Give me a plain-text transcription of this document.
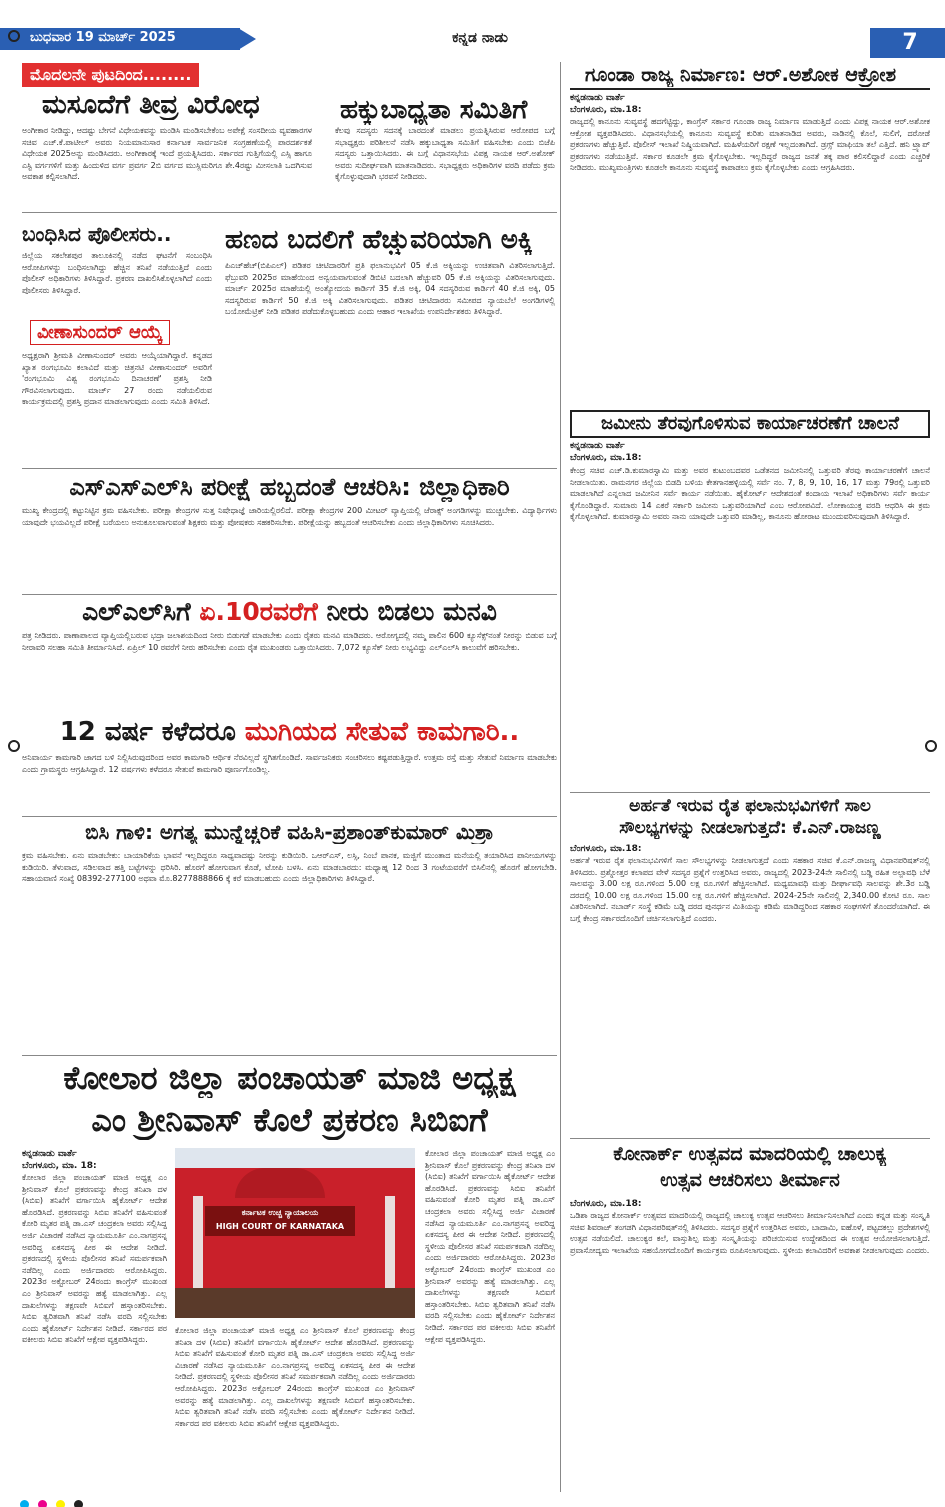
ಬುಧವಾರ 19 ಮಾರ್ಚ್ 2025	ಕನ್ನಡ ನಾಡು	7
ಮೊದಲನೇ ಪುಟದಿಂದ........
ಮಸೂದೆಗೆ ತೀವ್ರ ವಿರೋಧ
ಅಂಗೀಕಾರ ನೀಡಿದ್ದು, ಆದಷ್ಟು ಬೇಗನೆ ವಿಧೇಯಕವನ್ನು ಮಂಡಿಸಿ ಮಂಡಿಸಬೇಕೆಂಬ ಅಪೇಕ್ಷೆ ಸಂಸದೀಯ ವ್ಯವಹಾರಗಳ ಸಚಿವ ಎಚ್.ಕೆ.ಪಾಟೀಲ್ ಅವರು ನಿಯಮಾನುಸಾರ ಕರ್ನಾಟಕ ಸಾರ್ವಜನಿಕ ಸಂಗ್ರಹಣೆಯಲ್ಲಿ ಪಾರದರ್ಶಕತೆ ವಿಧೇಯಕ 2025ಅನ್ನು ಮಂಡಿಸಿದರು. ಅಂಗೀಕಾರಕ್ಕೆ ಇಂದೆ ಪ್ರಯತ್ನಿಸಿದರು. ಸರ್ಕಾರದ ಗುತ್ತಿಗೆಯಲ್ಲಿ ಎಸ್ಸಿ ಹಾಗೂ ಎಸ್ಟಿ ವರ್ಗಗಳಿಗೆ ಮತ್ತು ಹಿಂದುಳಿದ ವರ್ಗ ಪ್ರವರ್ಗ 2ಬಿ ವರ್ಗದ ಮುಸ್ಲಿಮರಿಗೂ ಶೇ.4ರಷ್ಟು ಮೀಸಲಾತಿ ಒದಗಿಸುವ ಅವಕಾಶ ಕಲ್ಪಿಸಲಾಗಿದೆ.
ಹಕ್ಕುಬಾಧ್ಯತಾ ಸಮಿತಿಗೆ
ಕೆಲವು ಸದಸ್ಯರು ಸದನಕ್ಕೆ ಬಾರದಂತೆ ಮಾಡಲು ಪ್ರಯತ್ನಿಸಿರುವ ಆರೋಪದ ಬಗ್ಗೆ ಸಭಾಧ್ಯಕ್ಷರು ಪರಿಶೀಲನೆ ನಡೆಸಿ ಹಕ್ಕುಬಾಧ್ಯತಾ ಸಮಿತಿಗೆ ವಹಿಸಬೇಕು ಎಂದು ಬಿಜೆಪಿ ಸದಸ್ಯರು ಒತ್ತಾಯಿಸಿದರು. ಈ ಬಗ್ಗೆ ವಿಧಾನಸಭೆಯ ವಿಪಕ್ಷ ನಾಯಕ ಆರ್.ಅಶೋಕ್ ಅವರು ಸುದೀರ್ಘವಾಗಿ ಮಾತನಾಡಿದರು. ಸಭಾಧ್ಯಕ್ಷರು ಅಧಿಕಾರಿಗಳ ವರದಿ ಪಡೆದು ಕ್ರಮ ಕೈಗೊಳ್ಳುವುದಾಗಿ ಭರವಸೆ ನೀಡಿದರು.
ಬಂಧಿಸಿದ ಪೊಲೀಸರು..
ಜಿಲ್ಲೆಯ ಸಕಲೇಶಪುರ ತಾಲೂಕಿನಲ್ಲಿ ನಡೆದ ಘಟನೆಗೆ ಸಂಬಂಧಿಸಿ ಆರೋಪಿಗಳನ್ನು ಬಂಧಿಸಲಾಗಿದ್ದು ಹೆಚ್ಚಿನ ತನಿಖೆ ನಡೆಯುತ್ತಿದೆ ಎಂದು ಪೊಲೀಸ್ ಅಧಿಕಾರಿಗಳು ತಿಳಿಸಿದ್ದಾರೆ. ಪ್ರಕರಣ ದಾಖಲಿಸಿಕೊಳ್ಳಲಾಗಿದೆ ಎಂದು ಪೊಲೀಸರು ತಿಳಿಸಿದ್ದಾರೆ.
ವೀಣಾಸುಂದರ್ ಆಯ್ಕೆ
ಅಧ್ಯಕ್ಷರಾಗಿ ಶ್ರೀಮತಿ ವೀಣಾಸುಂದರ್ ಅವರು ಆಯ್ಕೆಯಾಗಿದ್ದಾರೆ. ಕನ್ನಡದ ಖ್ಯಾತ ರಂಗಭೂಮಿ ಕಲಾವಿದೆ ಮತ್ತು ಚಿತ್ರನಟಿ ವೀಣಾಸುಂದರ್ ಅವರಿಗೆ 'ರಂಗಭೂಮಿ ವಿಶ್ವ ರಂಗಭೂಮಿ ದಿನಾಚರಣೆ' ಪ್ರಶಸ್ತಿ ನೀಡಿ ಗೌರವಿಸಲಾಗುವುದು. ಮಾರ್ಚ್ 27 ರಂದು ನಡೆಯಲಿರುವ ಕಾರ್ಯಕ್ರಮದಲ್ಲಿ ಪ್ರಶಸ್ತಿ ಪ್ರದಾನ ಮಾಡಲಾಗುವುದು ಎಂದು ಸಮಿತಿ ತಿಳಿಸಿದೆ.
ಹಣದ ಬದಲಿಗೆ ಹೆಚ್ಚುವರಿಯಾಗಿ ಅಕ್ಕಿ
ಪಿಎಚ್‌ಹೆಚ್(ಬಿಪಿಎಲ್) ಪಡಿತರ ಚೀಟಿದಾರರಿಗೆ ಪ್ರತಿ ಫಲಾನುಭವಿಗೆ 05 ಕೆ.ಜಿ ಅಕ್ಕಿಯನ್ನು ಉಚಿತವಾಗಿ ವಿತರಿಸಲಾಗುತ್ತಿದೆ. ಫೆಬ್ರುವರಿ 2025ರ ಮಾಹೆಯಿಂದ ಅನ್ವಯವಾಗುವಂತೆ ಡಿಬಿಟಿ ಬದಲಾಗಿ ಹೆಚ್ಚುವರಿ 05 ಕೆ.ಜಿ ಅಕ್ಕಿಯನ್ನು ವಿತರಿಸಲಾಗುವುದು. ಮಾರ್ಚ್ 2025ರ ಮಾಹೆಯಲ್ಲಿ ಅಂತ್ಯೋದಯ ಕಾರ್ಡಿಗೆ 35 ಕೆ.ಜಿ ಅಕ್ಕಿ, 04 ಸದಸ್ಯರಿರುವ ಕಾರ್ಡಿಗೆ 40 ಕೆ.ಜಿ ಅಕ್ಕಿ, 05 ಸದಸ್ಯರಿರುವ ಕಾರ್ಡಿಗೆ 50 ಕೆ.ಜಿ ಅಕ್ಕಿ ವಿತರಿಸಲಾಗುವುದು. ಪಡಿತರ ಚೀಟಿದಾರರು ಸಮೀಪದ ನ್ಯಾಯಬೆಲೆ ಅಂಗಡಿಗಳಲ್ಲಿ ಬಯೋಮೆಟ್ರಿಕ್ ನೀಡಿ ಪಡಿತರ ಪಡೆದುಕೊಳ್ಳಬಹುದು ಎಂದು ಆಹಾರ ಇಲಾಖೆಯ ಉಪನಿರ್ದೇಶಕರು ತಿಳಿಸಿದ್ದಾರೆ.
ಎಸ್‌ಎಸ್‌ಎಲ್‌ಸಿ ಪರೀಕ್ಷೆ ಹಬ್ಬದಂತೆ ಆಚರಿಸಿ: ಜಿಲ್ಲಾಧಿಕಾರಿ
ಮುಖ್ಯ ಕೇಂದ್ರದಲ್ಲಿ ಕಟ್ಟುನಿಟ್ಟಿನ ಕ್ರಮ ವಹಿಸಬೇಕು. ಪರೀಕ್ಷಾ ಕೇಂದ್ರಗಳ ಸುತ್ತ ನಿಷೇಧಾಜ್ಞೆ ಜಾರಿಯಲ್ಲಿರಲಿದೆ. ಪರೀಕ್ಷಾ ಕೇಂದ್ರಗಳ 200 ಮೀಟರ್ ವ್ಯಾಪ್ತಿಯಲ್ಲಿ ಜೆರಾಕ್ಸ್ ಅಂಗಡಿಗಳನ್ನು ಮುಚ್ಚಬೇಕು. ವಿದ್ಯಾರ್ಥಿಗಳು ಯಾವುದೇ ಭಯವಿಲ್ಲದೆ ಪರೀಕ್ಷೆ ಬರೆಯಲು ಅನುಕೂಲವಾಗುವಂತೆ ಶಿಕ್ಷಕರು ಮತ್ತು ಪೋಷಕರು ಸಹಕರಿಸಬೇಕು. ಪರೀಕ್ಷೆಯನ್ನು ಹಬ್ಬದಂತೆ ಆಚರಿಸಬೇಕು ಎಂದು ಜಿಲ್ಲಾಧಿಕಾರಿಗಳು ಸೂಚಿಸಿದರು.
ಎಲ್‌ಎಲ್‌ಸಿಗೆ ಏ.10ರವರೆಗೆ ನೀರು ಬಿಡಲು ಮನವಿ
ಪತ್ರ ನೀಡಿದರು. ಪಾಣಾಪಾಲದ ವ್ಯಾಪ್ತಿಯಲ್ಲಿಬರುವ ಭದ್ರಾ ಜಲಾಶಯದಿಂದ ನೀರು ಬಿಡುಗಡೆ ಮಾಡಬೇಕು ಎಂದು ರೈತರು ಮನವಿ ಮಾಡಿದರು. ಆರೋಗ್ಯದಲ್ಲಿ ನಮ್ಮ ಪಾಲಿನ 600 ಕ್ಯೂಸೆಕ್ಸ್‌ನಂತೆ ನೀರನ್ನು ಬಿಡುವ ಬಗ್ಗೆ ನೀರಾವರಿ ಸಲಹಾ ಸಮಿತಿ ತೀರ್ಮಾನಿಸಿದೆ. ಏಪ್ರಿಲ್ 10 ರವರೆಗೆ ನೀರು ಹರಿಸಬೇಕು ಎಂದು ರೈತ ಮುಖಂಡರು ಒತ್ತಾಯಿಸಿದರು. 7,072 ಕ್ಯೂಸೆಕ್ ನೀರು ಲಭ್ಯವಿದ್ದು ಎಲ್‌ಎಲ್‌ಸಿ ಕಾಲುವೆಗೆ ಹರಿಸಬೇಕು.
12 ವರ್ಷ ಕಳೆದರೂ ಮುಗಿಯದ ಸೇತುವೆ ಕಾಮಗಾರಿ..
ಅನಿವಾರ್ಯ ಕಾಮಗಾರಿ ಜಾಗದ ಬಳಿ ನಿಲ್ಲಿಸಿರುವುದರಿಂದ ಅವರ ಕಾಮಗಾರಿ ಆರ್ಥಿಕ ನೆರವಿಲ್ಲದೆ ಸ್ಥಗಿತಗೊಂಡಿದೆ. ಸಾರ್ವಜನಿಕರು ಸಂಚರಿಸಲು ಕಷ್ಟಪಡುತ್ತಿದ್ದಾರೆ. ಉತ್ತಮ ರಸ್ತೆ ಮತ್ತು ಸೇತುವೆ ನಿರ್ಮಾಣ ಮಾಡಬೇಕು ಎಂದು ಗ್ರಾಮಸ್ಥರು ಆಗ್ರಹಿಸಿದ್ದಾರೆ. 12 ವರ್ಷಗಳು ಕಳೆದರೂ ಸೇತುವೆ ಕಾಮಗಾರಿ ಪೂರ್ಣಗೊಂಡಿಲ್ಲ.
ಬಿಸಿ ಗಾಳಿ: ಅಗತ್ಯ ಮುನ್ನೆಚ್ಚರಿಕೆ ವಹಿಸಿ-ಪ್ರಶಾಂತ್‌ಕುಮಾರ್ ಮಿಶ್ರಾ
ಕ್ರಮ ವಹಿಸಬೇಕು. ಏನು ಮಾಡಬೇಕು: ಬಾಯಾರಿಕೆಯ ಭಾವನೆ ಇಲ್ಲದಿದ್ದರೂ ಸಾಧ್ಯವಾದಷ್ಟು ನೀರನ್ನು ಕುಡಿಯಿರಿ. ಒಆರ್‌ಎಸ್, ಲಸ್ಸಿ, ನಿಂಬೆ ಪಾನಕ, ಮಜ್ಜಿಗೆ ಮುಂತಾದ ಮನೆಯಲ್ಲಿ ತಯಾರಿಸಿದ ಪಾನೀಯಗಳನ್ನು ಕುಡಿಯಿರಿ. ತೆಳುವಾದ, ಸಡಿಲವಾದ ಹತ್ತಿ ಬಟ್ಟೆಗಳನ್ನು ಧರಿಸಿರಿ. ಹೊರಗೆ ಹೋಗುವಾಗ ಕೊಡೆ, ಟೋಪಿ ಬಳಸಿ. ಏನು ಮಾಡಬಾರದು: ಮಧ್ಯಾಹ್ನ 12 ರಿಂದ 3 ಗಂಟೆಯವರೆಗೆ ಬಿಸಿಲಿನಲ್ಲಿ ಹೊರಗೆ ಹೋಗಬೇಡಿ. ಸಹಾಯವಾಣಿ ಸಂಖ್ಯೆ 08392-277100 ಅಥವಾ ಮೊ.8277888866 ಕ್ಕೆ ಕರೆ ಮಾಡಬಹುದು ಎಂದು ಜಿಲ್ಲಾಧಿಕಾರಿಗಳು ತಿಳಿಸಿದ್ದಾರೆ.
ಕೋಲಾರ ಜಿಲ್ಲಾ ಪಂಚಾಯತ್ ಮಾಜಿ ಅಧ್ಯಕ್ಷ
ಎಂ ಶ್ರೀನಿವಾಸ್ ಕೊಲೆ ಪ್ರಕರಣ ಸಿಬಿಐಗೆ
ಕನ್ನಡನಾಡು ವಾರ್ತೆ
ಬೆಂಗಳೂರು, ಮಾ. 18:
ಕೋಲಾರ ಜಿಲ್ಲಾ ಪಂಚಾಯತ್ ಮಾಜಿ ಅಧ್ಯಕ್ಷ ಎಂ ಶ್ರೀನಿವಾಸ್ ಕೊಲೆ ಪ್ರಕರಣವನ್ನು ಕೇಂದ್ರ ತನಿಖಾ ದಳ (ಸಿಬಿಐ) ತನಿಖೆಗೆ ವರ್ಗಾಯಿಸಿ ಹೈಕೋರ್ಟ್ ಆದೇಶ ಹೊರಡಿಸಿದೆ. ಪ್ರಕರಣವನ್ನು ಸಿಬಿಐ ತನಿಖೆಗೆ ವಹಿಸುವಂತೆ ಕೋರಿ ಮೃತರ ಪತ್ನಿ ಡಾ.ಎಸ್ ಚಂದ್ರಕಲಾ ಅವರು ಸಲ್ಲಿಸಿದ್ದ ಅರ್ಜಿ ವಿಚಾರಣೆ ನಡೆಸಿದ ನ್ಯಾಯಮೂರ್ತಿ ಎಂ.ನಾಗಪ್ರಸನ್ನ ಅವರಿದ್ದ ಏಕಸದಸ್ಯ ಪೀಠ ಈ ಆದೇಶ ನೀಡಿದೆ. ಪ್ರಕರಣದಲ್ಲಿ ಸ್ಥಳೀಯ ಪೊಲೀಸರ ತನಿಖೆ ಸಮರ್ಪಕವಾಗಿ ನಡೆದಿಲ್ಲ ಎಂದು ಅರ್ಜಿದಾರರು ಆರೋಪಿಸಿದ್ದರು. 2023ರ ಅಕ್ಟೋಬರ್ 24ರಂದು ಕಾಂಗ್ರೆಸ್ ಮುಖಂಡ ಎಂ ಶ್ರೀನಿವಾಸ್ ಅವರನ್ನು ಹತ್ಯೆ ಮಾಡಲಾಗಿತ್ತು. ಎಲ್ಲ ದಾಖಲೆಗಳನ್ನು ತಕ್ಷಣವೇ ಸಿಬಿಐಗೆ ಹಸ್ತಾಂತರಿಸಬೇಕು. ಸಿಬಿಐ ತ್ವರಿತವಾಗಿ ತನಿಖೆ ನಡೆಸಿ ವರದಿ ಸಲ್ಲಿಸಬೇಕು ಎಂದು ಹೈಕೋರ್ಟ್ ನಿರ್ದೇಶನ ನೀಡಿದೆ. ಸರ್ಕಾರದ ಪರ ವಕೀಲರು ಸಿಬಿಐ ತನಿಖೆಗೆ ಆಕ್ಷೇಪ ವ್ಯಕ್ತಪಡಿಸಿದ್ದರು.
ಕರ್ನಾಟಕ ಉಚ್ಚ ನ್ಯಾಯಾಲಯ
HIGH COURT OF KARNATAKA
ಕೋಲಾರ ಜಿಲ್ಲಾ ಪಂಚಾಯತ್ ಮಾಜಿ ಅಧ್ಯಕ್ಷ ಎಂ ಶ್ರೀನಿವಾಸ್ ಕೊಲೆ ಪ್ರಕರಣವನ್ನು ಕೇಂದ್ರ ತನಿಖಾ ದಳ (ಸಿಬಿಐ) ತನಿಖೆಗೆ ವರ್ಗಾಯಿಸಿ ಹೈಕೋರ್ಟ್ ಆದೇಶ ಹೊರಡಿಸಿದೆ. ಪ್ರಕರಣವನ್ನು ಸಿಬಿಐ ತನಿಖೆಗೆ ವಹಿಸುವಂತೆ ಕೋರಿ ಮೃತರ ಪತ್ನಿ ಡಾ.ಎಸ್ ಚಂದ್ರಕಲಾ ಅವರು ಸಲ್ಲಿಸಿದ್ದ ಅರ್ಜಿ ವಿಚಾರಣೆ ನಡೆಸಿದ ನ್ಯಾಯಮೂರ್ತಿ ಎಂ.ನಾಗಪ್ರಸನ್ನ ಅವರಿದ್ದ ಏಕಸದಸ್ಯ ಪೀಠ ಈ ಆದೇಶ ನೀಡಿದೆ. ಪ್ರಕರಣದಲ್ಲಿ ಸ್ಥಳೀಯ ಪೊಲೀಸರ ತನಿಖೆ ಸಮರ್ಪಕವಾಗಿ ನಡೆದಿಲ್ಲ ಎಂದು ಅರ್ಜಿದಾರರು ಆರೋಪಿಸಿದ್ದರು. 2023ರ ಅಕ್ಟೋಬರ್ 24ರಂದು ಕಾಂಗ್ರೆಸ್ ಮುಖಂಡ ಎಂ ಶ್ರೀನಿವಾಸ್ ಅವರನ್ನು ಹತ್ಯೆ ಮಾಡಲಾಗಿತ್ತು. ಎಲ್ಲ ದಾಖಲೆಗಳನ್ನು ತಕ್ಷಣವೇ ಸಿಬಿಐಗೆ ಹಸ್ತಾಂತರಿಸಬೇಕು. ಸಿಬಿಐ ತ್ವರಿತವಾಗಿ ತನಿಖೆ ನಡೆಸಿ ವರದಿ ಸಲ್ಲಿಸಬೇಕು ಎಂದು ಹೈಕೋರ್ಟ್ ನಿರ್ದೇಶನ ನೀಡಿದೆ. ಸರ್ಕಾರದ ಪರ ವಕೀಲರು ಸಿಬಿಐ ತನಿಖೆಗೆ ಆಕ್ಷೇಪ ವ್ಯಕ್ತಪಡಿಸಿದ್ದರು.
ಕೋಲಾರ ಜಿಲ್ಲಾ ಪಂಚಾಯತ್ ಮಾಜಿ ಅಧ್ಯಕ್ಷ ಎಂ ಶ್ರೀನಿವಾಸ್ ಕೊಲೆ ಪ್ರಕರಣವನ್ನು ಕೇಂದ್ರ ತನಿಖಾ ದಳ (ಸಿಬಿಐ) ತನಿಖೆಗೆ ವರ್ಗಾಯಿಸಿ ಹೈಕೋರ್ಟ್ ಆದೇಶ ಹೊರಡಿಸಿದೆ. ಪ್ರಕರಣವನ್ನು ಸಿಬಿಐ ತನಿಖೆಗೆ ವಹಿಸುವಂತೆ ಕೋರಿ ಮೃತರ ಪತ್ನಿ ಡಾ.ಎಸ್ ಚಂದ್ರಕಲಾ ಅವರು ಸಲ್ಲಿಸಿದ್ದ ಅರ್ಜಿ ವಿಚಾರಣೆ ನಡೆಸಿದ ನ್ಯಾಯಮೂರ್ತಿ ಎಂ.ನಾಗಪ್ರಸನ್ನ ಅವರಿದ್ದ ಏಕಸದಸ್ಯ ಪೀಠ ಈ ಆದೇಶ ನೀಡಿದೆ. ಪ್ರಕರಣದಲ್ಲಿ ಸ್ಥಳೀಯ ಪೊಲೀಸರ ತನಿಖೆ ಸಮರ್ಪಕವಾಗಿ ನಡೆದಿಲ್ಲ ಎಂದು ಅರ್ಜಿದಾರರು ಆರೋಪಿಸಿದ್ದರು. 2023ರ ಅಕ್ಟೋಬರ್ 24ರಂದು ಕಾಂಗ್ರೆಸ್ ಮುಖಂಡ ಎಂ ಶ್ರೀನಿವಾಸ್ ಅವರನ್ನು ಹತ್ಯೆ ಮಾಡಲಾಗಿತ್ತು. ಎಲ್ಲ ದಾಖಲೆಗಳನ್ನು ತಕ್ಷಣವೇ ಸಿಬಿಐಗೆ ಹಸ್ತಾಂತರಿಸಬೇಕು. ಸಿಬಿಐ ತ್ವರಿತವಾಗಿ ತನಿಖೆ ನಡೆಸಿ ವರದಿ ಸಲ್ಲಿಸಬೇಕು ಎಂದು ಹೈಕೋರ್ಟ್ ನಿರ್ದೇಶನ ನೀಡಿದೆ. ಸರ್ಕಾರದ ಪರ ವಕೀಲರು ಸಿಬಿಐ ತನಿಖೆಗೆ ಆಕ್ಷೇಪ ವ್ಯಕ್ತಪಡಿಸಿದ್ದರು.
ಗೂಂಡಾ ರಾಜ್ಯ ನಿರ್ಮಾಣ: ಆರ್.ಅಶೋಕ ಆಕ್ರೋಶ
ಕನ್ನಡನಾಡು ವಾರ್ತೆ
ಬೆಂಗಳೂರು, ಮಾ.18:
ರಾಜ್ಯದಲ್ಲಿ ಕಾನೂನು ಸುವ್ಯವಸ್ಥೆ ಹದಗೆಟ್ಟಿದ್ದು, ಕಾಂಗ್ರೆಸ್ ಸರ್ಕಾರ ಗೂಂಡಾ ರಾಜ್ಯ ನಿರ್ಮಾಣ ಮಾಡುತ್ತಿದೆ ಎಂದು ವಿಪಕ್ಷ ನಾಯಕ ಆರ್.ಅಶೋಕ ಆಕ್ರೋಶ ವ್ಯಕ್ತಪಡಿಸಿದರು. ವಿಧಾನಸಭೆಯಲ್ಲಿ ಕಾನೂನು ಸುವ್ಯವಸ್ಥೆ ಕುರಿತು ಮಾತನಾಡಿದ ಅವರು, ನಾಡಿನಲ್ಲಿ ಕೊಲೆ, ಸುಲಿಗೆ, ದರೋಡೆ ಪ್ರಕರಣಗಳು ಹೆಚ್ಚುತ್ತಿವೆ. ಪೊಲೀಸ್ ಇಲಾಖೆ ನಿಷ್ಕ್ರಿಯವಾಗಿದೆ. ಮಹಿಳೆಯರಿಗೆ ರಕ್ಷಣೆ ಇಲ್ಲದಂತಾಗಿದೆ. ಡ್ರಗ್ಸ್ ಮಾಫಿಯಾ ತಲೆ ಎತ್ತಿದೆ. ಹನಿ ಟ್ರ್ಯಾಪ್ ಪ್ರಕರಣಗಳು ನಡೆಯುತ್ತಿವೆ. ಸರ್ಕಾರ ಕೂಡಲೇ ಕ್ರಮ ಕೈಗೊಳ್ಳಬೇಕು. ಇಲ್ಲದಿದ್ದರೆ ರಾಜ್ಯದ ಜನತೆ ತಕ್ಕ ಪಾಠ ಕಲಿಸಲಿದ್ದಾರೆ ಎಂದು ಎಚ್ಚರಿಕೆ ನೀಡಿದರು. ಮುಖ್ಯಮಂತ್ರಿಗಳು ಕೂಡಲೇ ಕಾನೂನು ಸುವ್ಯವಸ್ಥೆ ಕಾಪಾಡಲು ಕ್ರಮ ಕೈಗೊಳ್ಳಬೇಕು ಎಂದು ಆಗ್ರಹಿಸಿದರು.
ಜಮೀನು ತೆರವುಗೊಳಿಸುವ ಕಾರ್ಯಾಚರಣೆಗೆ ಚಾಲನೆ
ಕನ್ನಡನಾಡು ವಾರ್ತೆ
ಬೆಂಗಳೂರು, ಮಾ.18:
ಕೇಂದ್ರ ಸಚಿವ ಎಚ್.ಡಿ.ಕುಮಾರಸ್ವಾಮಿ ಮತ್ತು ಅವರ ಕುಟುಂಬದವರ ಒಡೆತನದ ಜಮೀನಿನಲ್ಲಿ ಒತ್ತುವರಿ ತೆರವು ಕಾರ್ಯಾಚರಣೆಗೆ ಚಾಲನೆ ನೀಡಲಾಯಿತು. ರಾಮನಗರ ಜಿಲ್ಲೆಯ ಬಿಡದಿ ಬಳಿಯ ಕೇತಗಾನಹಳ್ಳಿಯಲ್ಲಿ ಸರ್ವೆ ನಂ. 7, 8, 9, 10, 16, 17 ಮತ್ತು 79ರಲ್ಲಿ ಒತ್ತುವರಿ ಮಾಡಲಾಗಿದೆ ಎನ್ನಲಾದ ಜಮೀನಿನ ಸರ್ವೆ ಕಾರ್ಯ ನಡೆಯಿತು. ಹೈಕೋರ್ಟ್ ಆದೇಶದಂತೆ ಕಂದಾಯ ಇಲಾಖೆ ಅಧಿಕಾರಿಗಳು ಸರ್ವೆ ಕಾರ್ಯ ಕೈಗೊಂಡಿದ್ದಾರೆ. ಸುಮಾರು 14 ಎಕರೆ ಸರ್ಕಾರಿ ಜಮೀನು ಒತ್ತುವರಿಯಾಗಿದೆ ಎಂಬ ಆರೋಪವಿದೆ. ಲೋಕಾಯುಕ್ತ ವರದಿ ಆಧರಿಸಿ ಈ ಕ್ರಮ ಕೈಗೊಳ್ಳಲಾಗಿದೆ. ಕುಮಾರಸ್ವಾಮಿ ಅವರು ನಾನು ಯಾವುದೇ ಒತ್ತುವರಿ ಮಾಡಿಲ್ಲ, ಕಾನೂನು ಹೋರಾಟ ಮುಂದುವರಿಸುವುದಾಗಿ ತಿಳಿಸಿದ್ದಾರೆ.
ಅರ್ಹತೆ ಇರುವ ರೈತ ಫಲಾನುಭವಿಗಳಿಗೆ ಸಾಲ
ಸೌಲಭ್ಯಗಳನ್ನು ನೀಡಲಾಗುತ್ತದೆ: ಕೆ.ಎನ್.ರಾಜಣ್ಣ
ಬೆಂಗಳೂರು, ಮಾ.18:
ಅರ್ಹತೆ ಇರುವ ರೈತ ಫಲಾನುಭವಿಗಳಿಗೆ ಸಾಲ ಸೌಲಭ್ಯಗಳನ್ನು ನೀಡಲಾಗುತ್ತದೆ ಎಂದು ಸಹಕಾರ ಸಚಿವ ಕೆ.ಎನ್.ರಾಜಣ್ಣ ವಿಧಾನಪರಿಷತ್‌ನಲ್ಲಿ ತಿಳಿಸಿದರು. ಪ್ರಶ್ನೋತ್ತರ ಕಲಾಪದ ವೇಳೆ ಸದಸ್ಯರ ಪ್ರಶ್ನೆಗೆ ಉತ್ತರಿಸಿದ ಅವರು, ರಾಜ್ಯದಲ್ಲಿ 2023-24ನೇ ಸಾಲಿನಲ್ಲಿ ಬಡ್ಡಿ ರಹಿತ ಅಲ್ಪಾವಧಿ ಬೆಳೆ ಸಾಲವನ್ನು 3.00 ಲಕ್ಷ ರೂ.ಗಳಿಂದ 5.00 ಲಕ್ಷ ರೂ.ಗಳಿಗೆ ಹೆಚ್ಚಿಸಲಾಗಿದೆ. ಮಧ್ಯಮಾವಧಿ ಮತ್ತು ದೀರ್ಘಾವಧಿ ಸಾಲವನ್ನು ಶೇ.3ರ ಬಡ್ಡಿ ದರದಲ್ಲಿ 10.00 ಲಕ್ಷ ರೂ.ಗಳಿಂದ 15.00 ಲಕ್ಷ ರೂ.ಗಳಿಗೆ ಹೆಚ್ಚಿಸಲಾಗಿದೆ. 2024-25ನೇ ಸಾಲಿನಲ್ಲಿ 2,340.00 ಕೋಟಿ ರೂ. ಸಾಲ ವಿತರಿಸಲಾಗಿದೆ. ನಬಾರ್ಡ್ ಸಂಸ್ಥೆ ಕಡಿಮೆ ಬಡ್ಡಿ ದರದ ಪುನರ್ಧನ ಮಿತಿಯನ್ನು ಕಡಿಮೆ ಮಾಡಿದ್ದರಿಂದ ಸಹಕಾರ ಸಂಘಗಳಿಗೆ ತೊಂದರೆಯಾಗಿದೆ. ಈ ಬಗ್ಗೆ ಕೇಂದ್ರ ಸರ್ಕಾರದೊಂದಿಗೆ ಚರ್ಚಿಸಲಾಗುತ್ತಿದೆ ಎಂದರು.
ಕೋನಾರ್ಕ್ ಉತ್ಸವದ ಮಾದರಿಯಲ್ಲಿ ಚಾಲುಕ್ಯ
ಉತ್ಸವ ಆಚರಿಸಲು ತೀರ್ಮಾನ
ಬೆಂಗಳೂರು, ಮಾ.18:
ಒಡಿಶಾ ರಾಜ್ಯದ ಕೋನಾರ್ಕ್ ಉತ್ಸವದ ಮಾದರಿಯಲ್ಲಿ ರಾಜ್ಯದಲ್ಲಿ ಚಾಲುಕ್ಯ ಉತ್ಸವ ಆಚರಿಸಲು ತೀರ್ಮಾನಿಸಲಾಗಿದೆ ಎಂದು ಕನ್ನಡ ಮತ್ತು ಸಂಸ್ಕೃತಿ ಸಚಿವ ಶಿವರಾಜ್ ತಂಗಡಗಿ ವಿಧಾನಪರಿಷತ್‌ನಲ್ಲಿ ತಿಳಿಸಿದರು. ಸದಸ್ಯರ ಪ್ರಶ್ನೆಗೆ ಉತ್ತರಿಸಿದ ಅವರು, ಬಾದಾಮಿ, ಐಹೊಳೆ, ಪಟ್ಟದಕಲ್ಲು ಪ್ರದೇಶಗಳಲ್ಲಿ ಉತ್ಸವ ನಡೆಯಲಿದೆ. ಚಾಲುಕ್ಯರ ಕಲೆ, ವಾಸ್ತುಶಿಲ್ಪ ಮತ್ತು ಸಂಸ್ಕೃತಿಯನ್ನು ಪರಿಚಯಿಸುವ ಉದ್ದೇಶದಿಂದ ಈ ಉತ್ಸವ ಆಯೋಜಿಸಲಾಗುತ್ತಿದೆ. ಪ್ರವಾಸೋದ್ಯಮ ಇಲಾಖೆಯ ಸಹಯೋಗದೊಂದಿಗೆ ಕಾರ್ಯಕ್ರಮ ರೂಪಿಸಲಾಗುವುದು. ಸ್ಥಳೀಯ ಕಲಾವಿದರಿಗೆ ಅವಕಾಶ ನೀಡಲಾಗುವುದು ಎಂದರು.
